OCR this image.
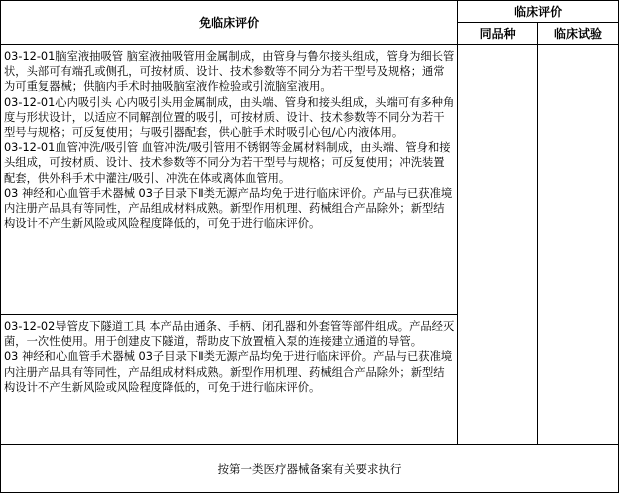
免临床评价	临床评价	
	同品种	临床试验

03-12-01脑室液抽吸管 脑室液抽吸管用金属制成，由管身与鲁尔接头组成，管身为细长管状，头部可有端孔或侧孔，可按材质、设计、技术参数等不同分为若干型号及规格；通常为可重复器械；供脑内手术时抽吸脑室液作检验或引流脑室液用。
03-12-01心内吸引头 心内吸引头用金属制成，由头端、管身和接头组成，头端可有多种角度与形状设计，以适应不同解剖位置的吸引，可按材质、设计、技术参数等不同分为若干型号与规格；可反复使用；与吸引器配套，供心脏手术时吸引心包/心内液体用。
03-12-01血管冲洗/吸引管 血管冲洗/吸引管用不锈钢等金属材料制成，由头端、管身和接头组成，可按材质、设计、技术参数等不同分为若干型号与规格；可反复使用；冲洗装置配套，供外科手术中灌注/吸引、冲洗在体或离体血管用。
03 神经和心血管手术器械 03子目录下Ⅱ类无源产品均免于进行临床评价。产品与已获准境内注册产品具有等同性，产品组成材料成熟。新型作用机理、药械组合产品除外；新型结构设计不产生新风险或风险程度降低的，可免于进行临床评价。		

03-12-02导管皮下隧道工具 本产品由通条、手柄、闭孔器和外套管等部件组成。产品经灭菌，一次性使用。用于创建皮下隧道，帮助皮下放置植入泵的连接建立通道的导管。
03 神经和心血管手术器械 03子目录下Ⅱ类无源产品均免于进行临床评价。产品与已获准境内注册产品具有等同性，产品组成材料成熟。新型作用机理、药械组合产品除外；新型结构设计不产生新风险或风险程度降低的，可免于进行临床评价。		

按第一类医疗器械备案有关要求执行		
